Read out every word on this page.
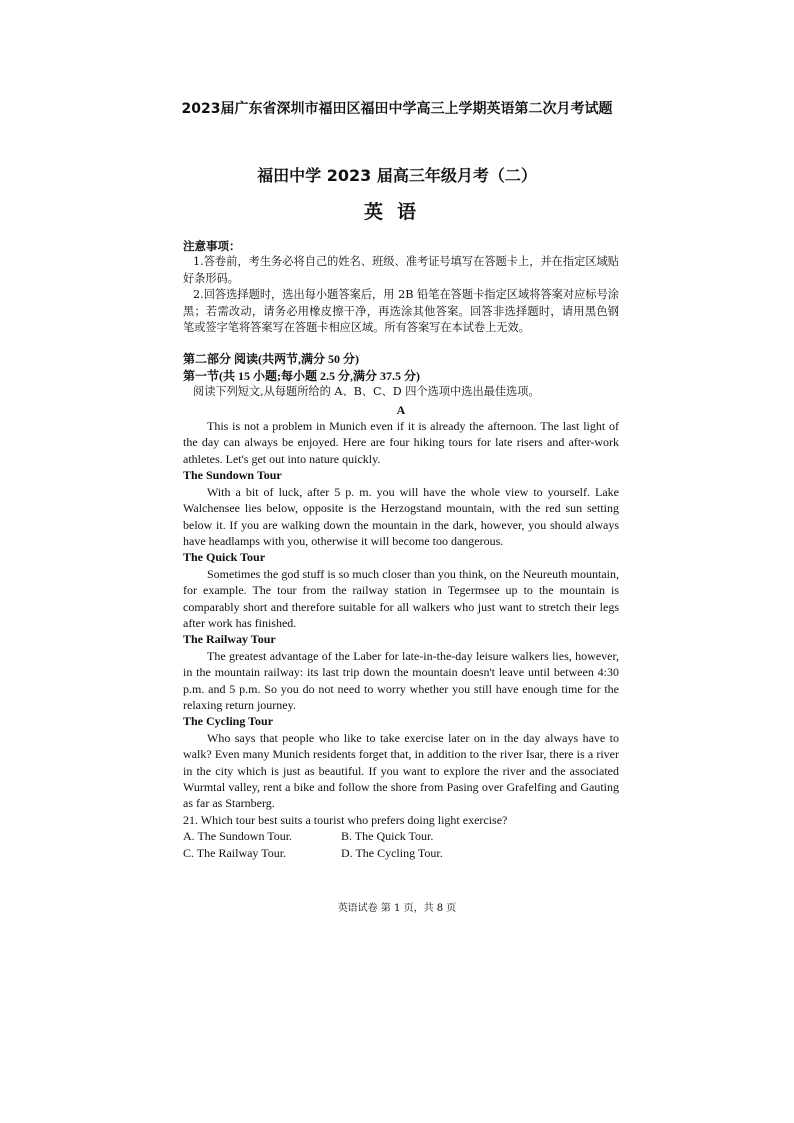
2023届广东省深圳市福田区福田中学高三上学期英语第二次月考试题
福田中学 2023 届高三年级月考（二）
英语
注意事项：

1.答卷前，考生务必将自己的姓名、班级、准考证号填写在答题卡上，并在指定区域贴好条形码。

2.回答选择题时，选出每小题答案后，用 2B 铅笔在答题卡指定区域将答案对应标号涂黑；若需改动，请务必用橡皮擦干净，再选涂其他答案。回答非选择题时，请用黑色钢笔或签字笔将答案写在答题卡相应区域。所有答案写在本试卷上无效。

第二部分 阅读(共两节,满分 50 分)
第一节(共 15 小题;每小题 2.5 分,满分 37.5 分)

阅读下列短文,从每题所给的 A、B、C、D 四个选项中选出最佳选项。

A

This is not a problem in Munich even if it is already the afternoon. The last light of the day can always be enjoyed. Here are four hiking tours for late risers and after-work athletes. Let's get out into nature quickly.

The Sundown Tour

With a bit of luck, after 5 p. m. you will have the whole view to yourself. Lake Walchensee lies below, opposite is the Herzogstand mountain, with the red sun setting below it. If you are walking down the mountain in the dark, however, you should always have headlamps with you, otherwise it will become too dangerous.

The Quick Tour

Sometimes the god stuff is so much closer than you think, on the Neureuth mountain, for example. The tour from the railway station in Tegermsee up to the mountain is comparably short and therefore suitable for all walkers who just want to stretch their legs after work has finished.

The Railway Tour

The greatest advantage of the Laber for late-in-the-day leisure walkers lies, however, in the mountain railway: its last trip down the mountain doesn't leave until between 4:30 p.m. and 5 p.m. So you do not need to worry whether you still have enough time for the relaxing return journey.

The Cycling Tour

Who says that people who like to take exercise later on in the day always have to walk? Even many Munich residents forget that, in addition to the river Isar, there is a river in the city which is just as beautiful. If you want to explore the river and the associated Wurmtal valley, rent a bike and follow the shore from Pasing over Grafelfing and Gauting as far as Starnberg.

21. Which tour best suits a tourist who prefers doing light exercise?
A. The Sundown Tour.	B. The Quick Tour.
C. The Railway Tour.	D. The Cycling Tour.
英语试卷 第 1 页，共 8 页
